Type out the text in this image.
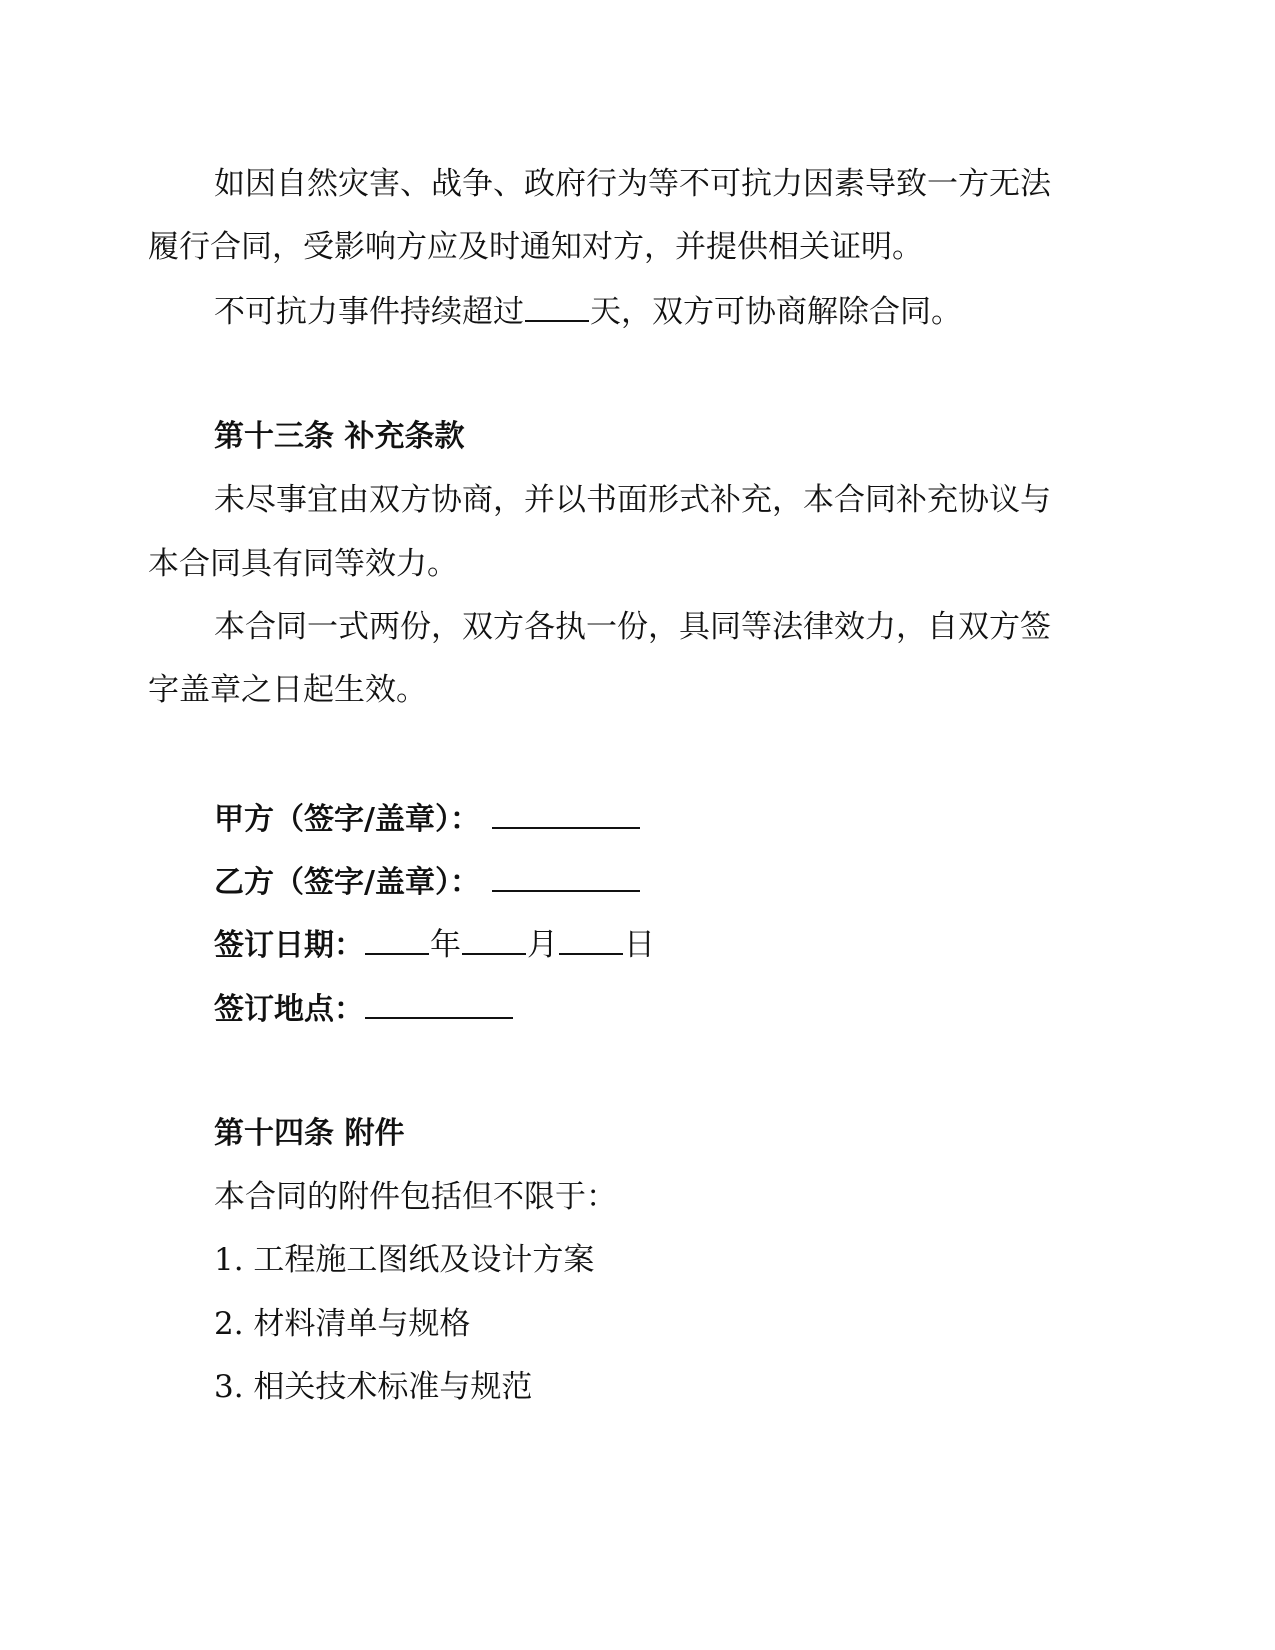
如因自然灾害、战争、政府行为等不可抗力因素导致一方无法
履行合同，受影响方应及时通知对方，并提供相关证明。
不可抗力事件持续超过 天，双方可协商解除合同。
第十三条 补充条款
未尽事宜由双方协商，并以书面形式补充，本合同补充协议与
本合同具有同等效力。
本合同一式两份，双方各执一份，具同等法律效力，自双方签
字盖章之日起生效。
甲方（签字/盖章）：
乙方（签字/盖章）：
签订日期： 年 月 日
签订地点：
第十四条 附件
本合同的附件包括但不限于：
1. 工程施工图纸及设计方案
2. 材料清单与规格
3. 相关技术标准与规范
